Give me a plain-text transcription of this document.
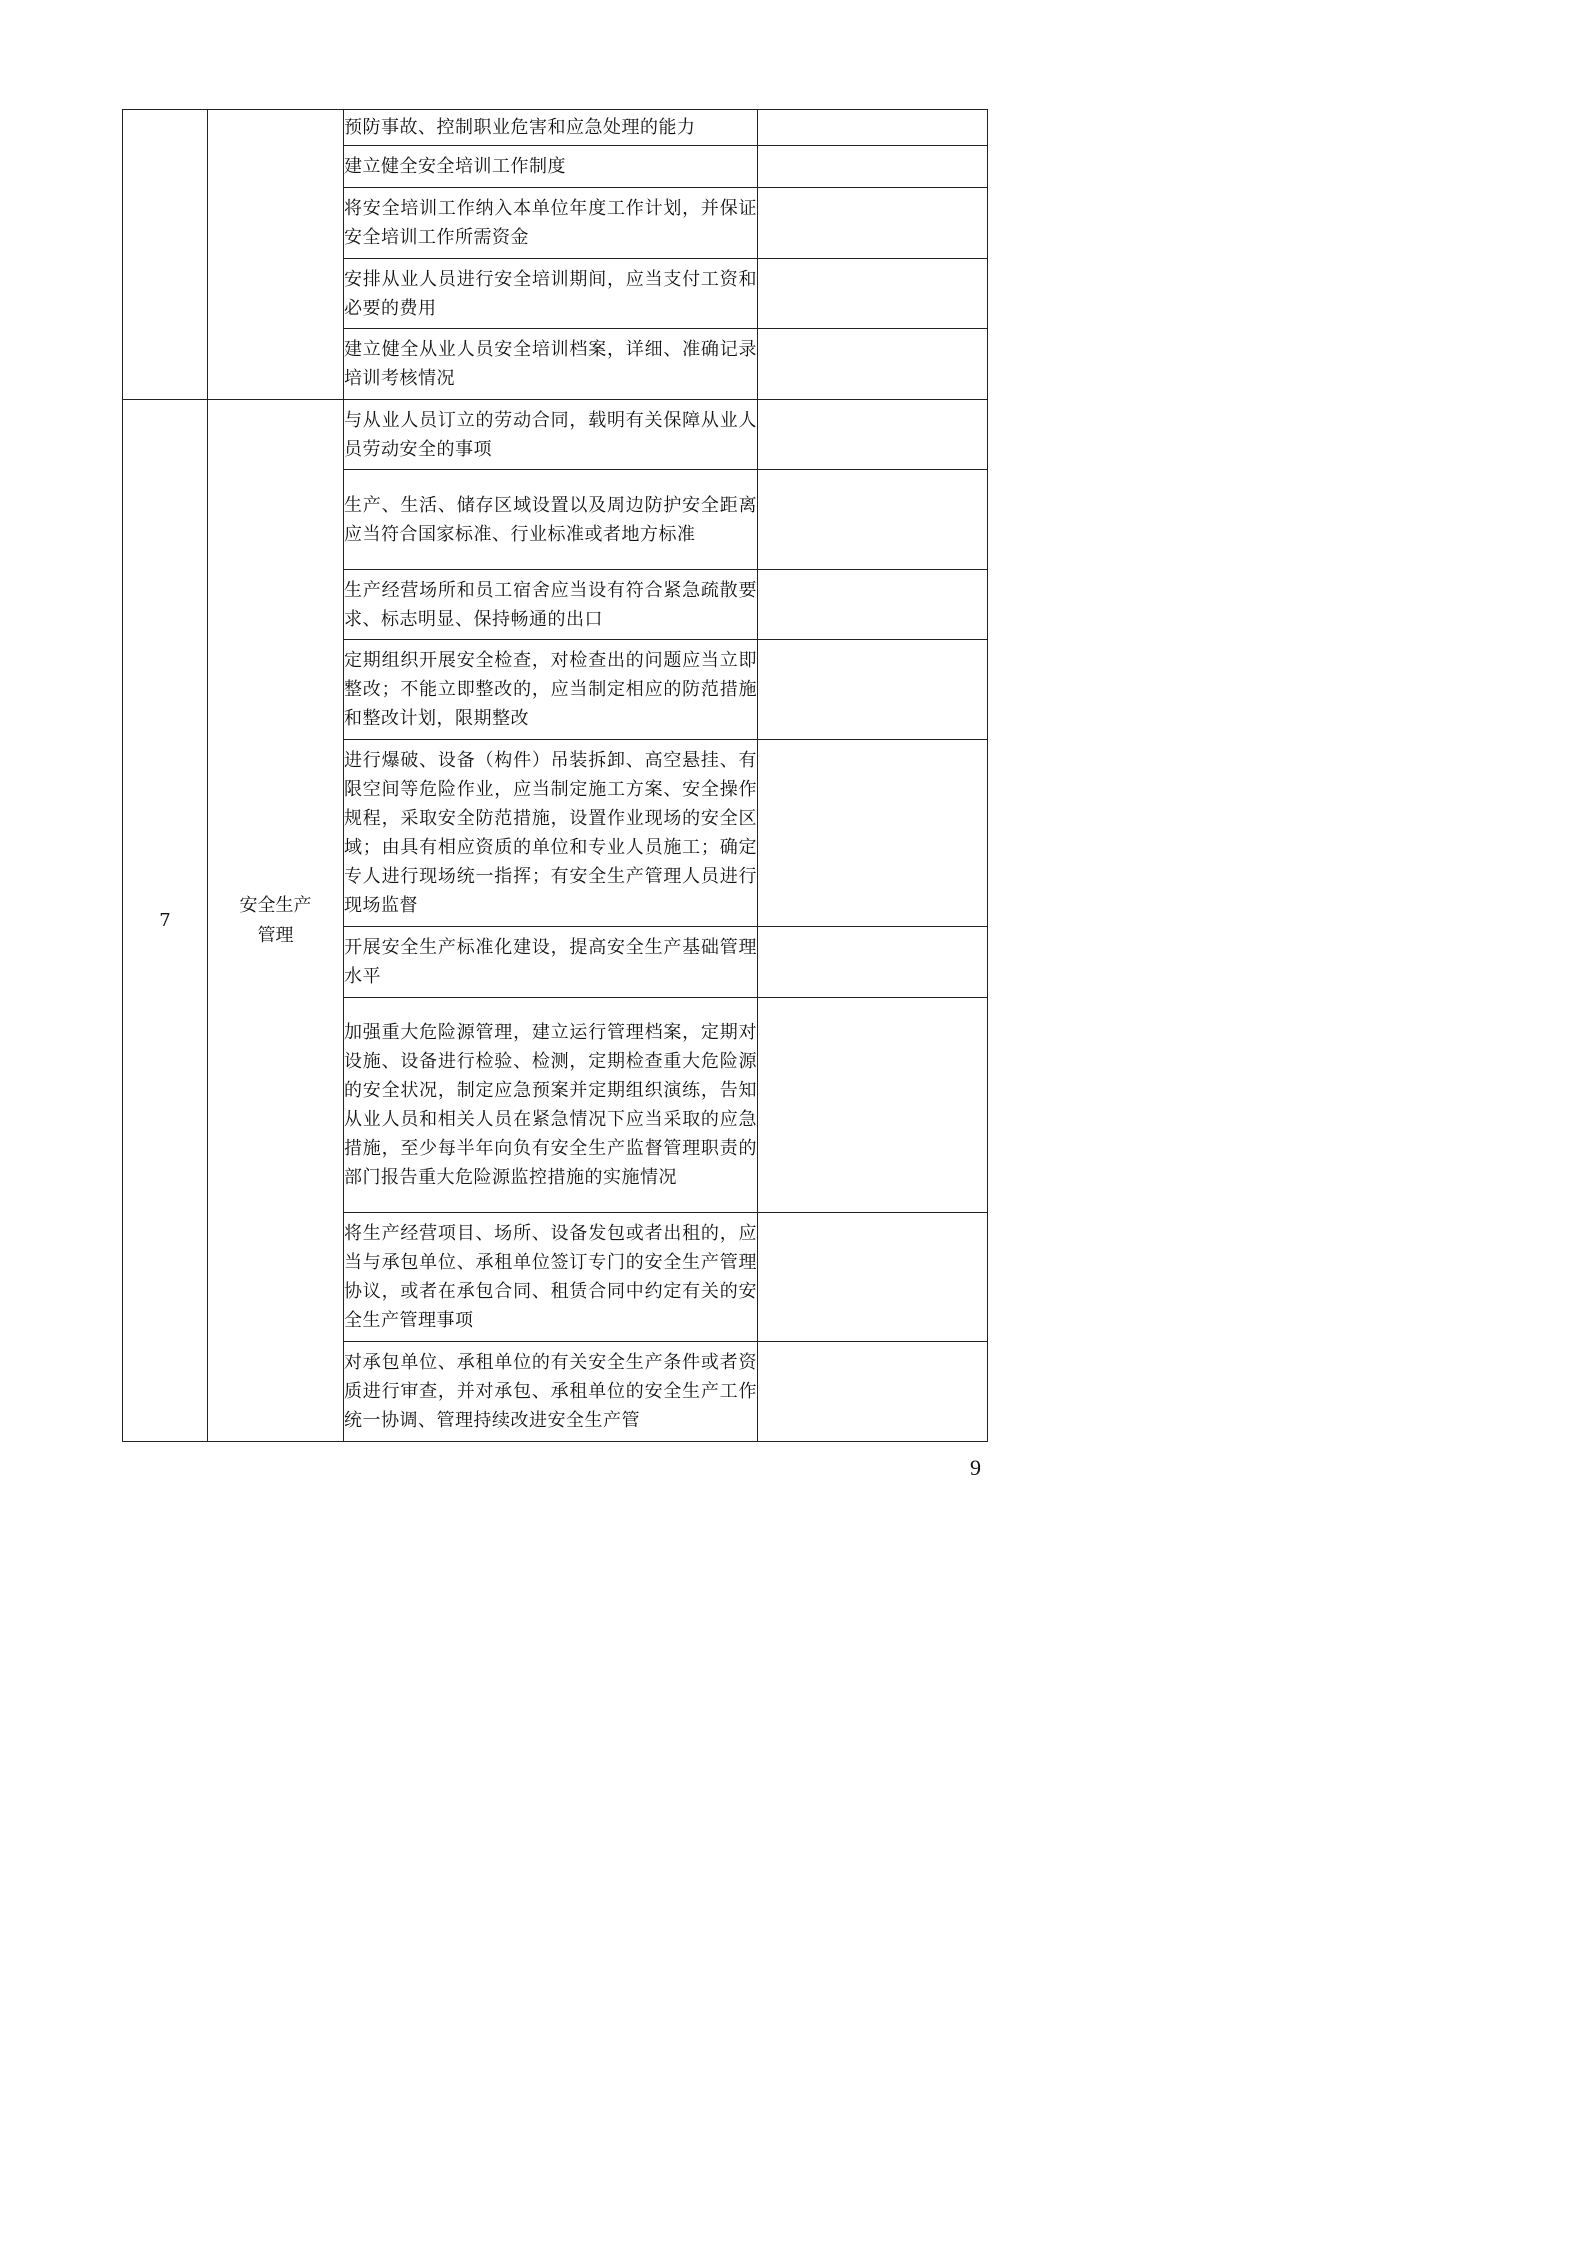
		预防事故、控制职业危害和应急处理的能力	
		建立健全安全培训工作制度	
		将安全培训工作纳入本单位年度工作计划，并保证安全培训工作所需资金	
		安排从业人员进行安全培训期间，应当支付工资和必要的费用	
		建立健全从业人员安全培训档案，详细、准确记录培训考核情况	
7	安全生产管理	与从业人员订立的劳动合同，载明有关保障从业人员劳动安全的事项	
		生产、生活、储存区域设置以及周边防护安全距离应当符合国家标准、行业标准或者地方标准	
		生产经营场所和员工宿舍应当设有符合紧急疏散要求、标志明显、保持畅通的出口	
		定期组织开展安全检查，对检查出的问题应当立即整改；不能立即整改的，应当制定相应的防范措施和整改计划，限期整改	
		进行爆破、设备（构件）吊装拆卸、高空悬挂、有限空间等危险作业，应当制定施工方案、安全操作规程，采取安全防范措施，设置作业现场的安全区域；由具有相应资质的单位和专业人员施工；确定专人进行现场统一指挥；有安全生产管理人员进行现场监督	
		开展安全生产标准化建设，提高安全生产基础管理水平	
		加强重大危险源管理，建立运行管理档案，定期对设施、设备进行检验、检测，定期检查重大危险源的安全状况，制定应急预案并定期组织演练，告知从业人员和相关人员在紧急情况下应当采取的应急措施，至少每半年向负有安全生产监督管理职责的部门报告重大危险源监控措施的实施情况	
		将生产经营项目、场所、设备发包或者出租的，应当与承包单位、承租单位签订专门的安全生产管理协议，或者在承包合同、租赁合同中约定有关的安全生产管理事项	
		对承包单位、承租单位的有关安全生产条件或者资质进行审查，并对承包、承租单位的安全生产工作统一协调、管理持续改进安全生产管	
9
